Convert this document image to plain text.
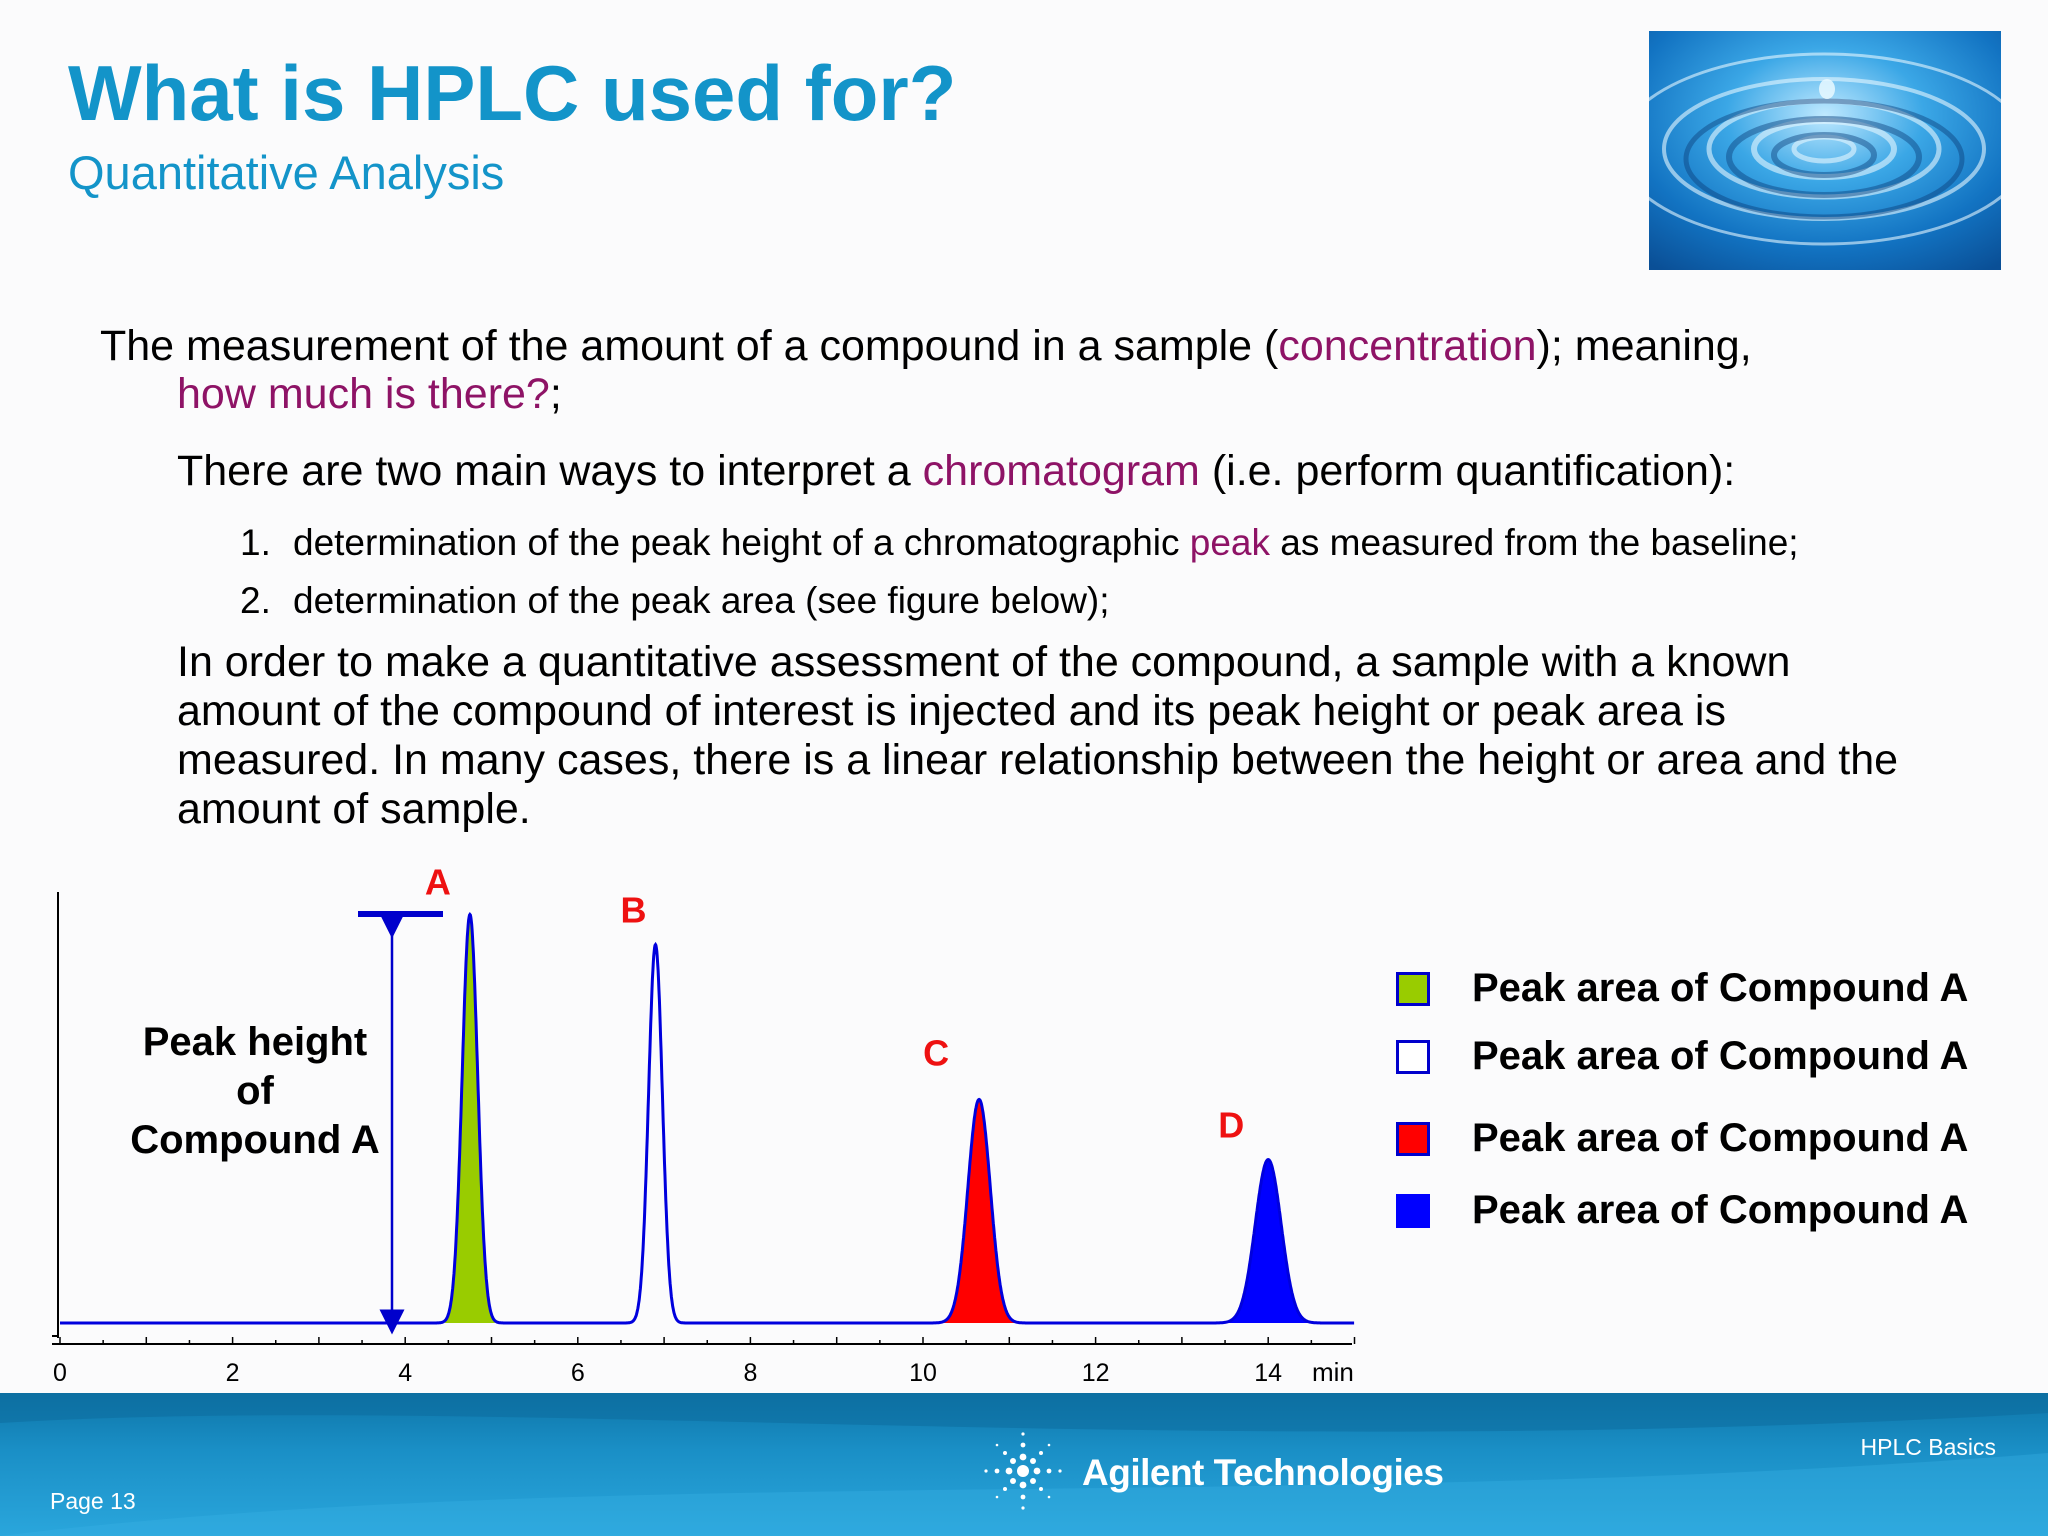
What is HPLC used for?
Quantitative Analysis
The measurement of the amount of a compound in a sample (concentration); meaning,
how much is there?;
There are two main ways to interpret a chromatogram (i.e. perform quantification):
1. determination of the peak height of a chromatographic peak as measured from the baseline;
2. determination of the peak area (see figure below);
In order to make a quantitative assessment of the compound, a sample with a known amount of the compound of interest is injected and its peak height or peak area is measured. In many cases, there is a linear relationship between the height or area and the amount of sample.
0	2	4	6	8	10	12	14
A
B
C
D
min
Peak height
of
Compound A
Peak area of Compound A
Peak area of Compound A
Peak area of Compound A
Peak area of Compound A
Page 13
HPLC Basics
Agilent Technologies
